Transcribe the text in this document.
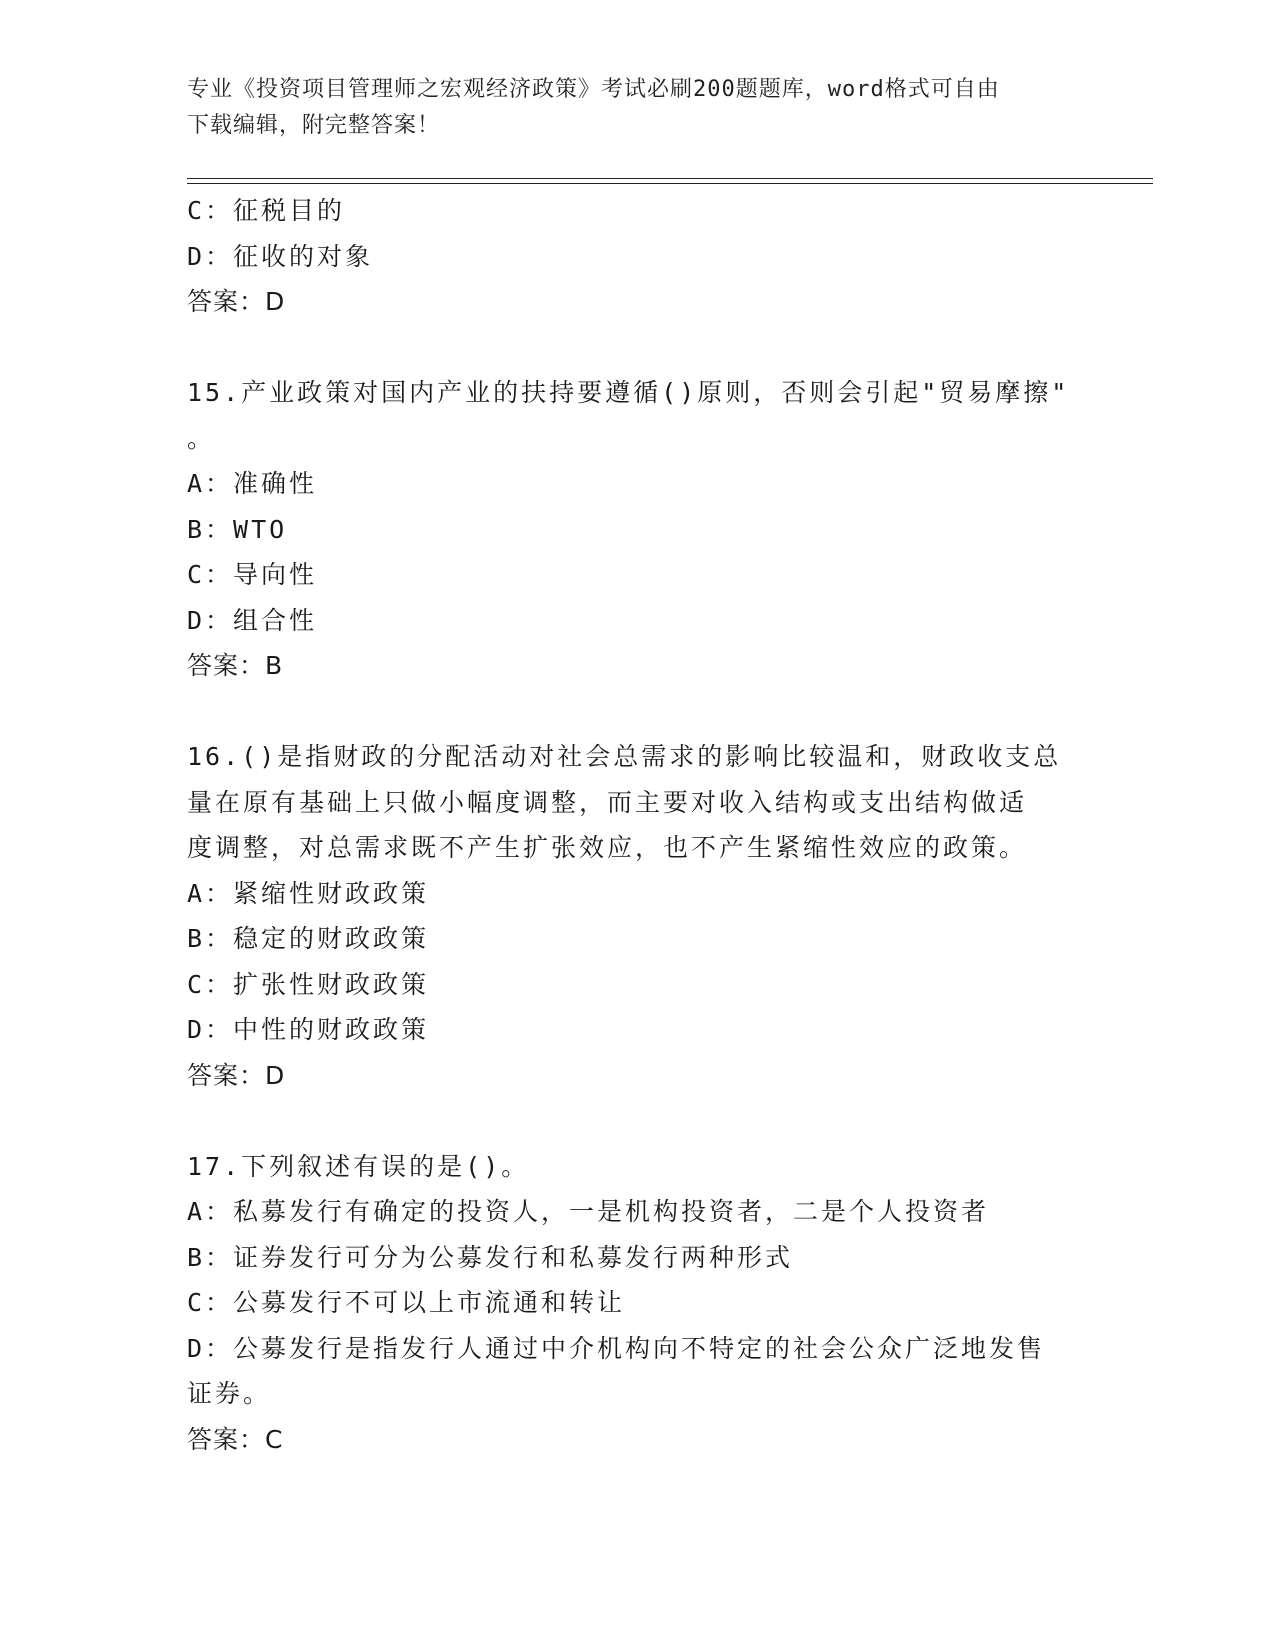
专业《投资项目管理师之宏观经济政策》考试必刷200题题库，word格式可自由
下载编辑，附完整答案！
C：征税目的
D：征收的对象
答案：D
15.产业政策对国内产业的扶持要遵循()原则，否则会引起"贸易摩擦"
。
A：准确性
B：WTO
C：导向性
D：组合性
答案：B
16.()是指财政的分配活动对社会总需求的影响比较温和，财政收支总
量在原有基础上只做小幅度调整，而主要对收入结构或支出结构做适
度调整，对总需求既不产生扩张效应，也不产生紧缩性效应的政策。
A：紧缩性财政政策
B：稳定的财政政策
C：扩张性财政政策
D：中性的财政政策
答案：D
17.下列叙述有误的是()。
A：私募发行有确定的投资人，一是机构投资者，二是个人投资者
B：证券发行可分为公募发行和私募发行两种形式
C：公募发行不可以上市流通和转让
D：公募发行是指发行人通过中介机构向不特定的社会公众广泛地发售
证券。
答案：C
